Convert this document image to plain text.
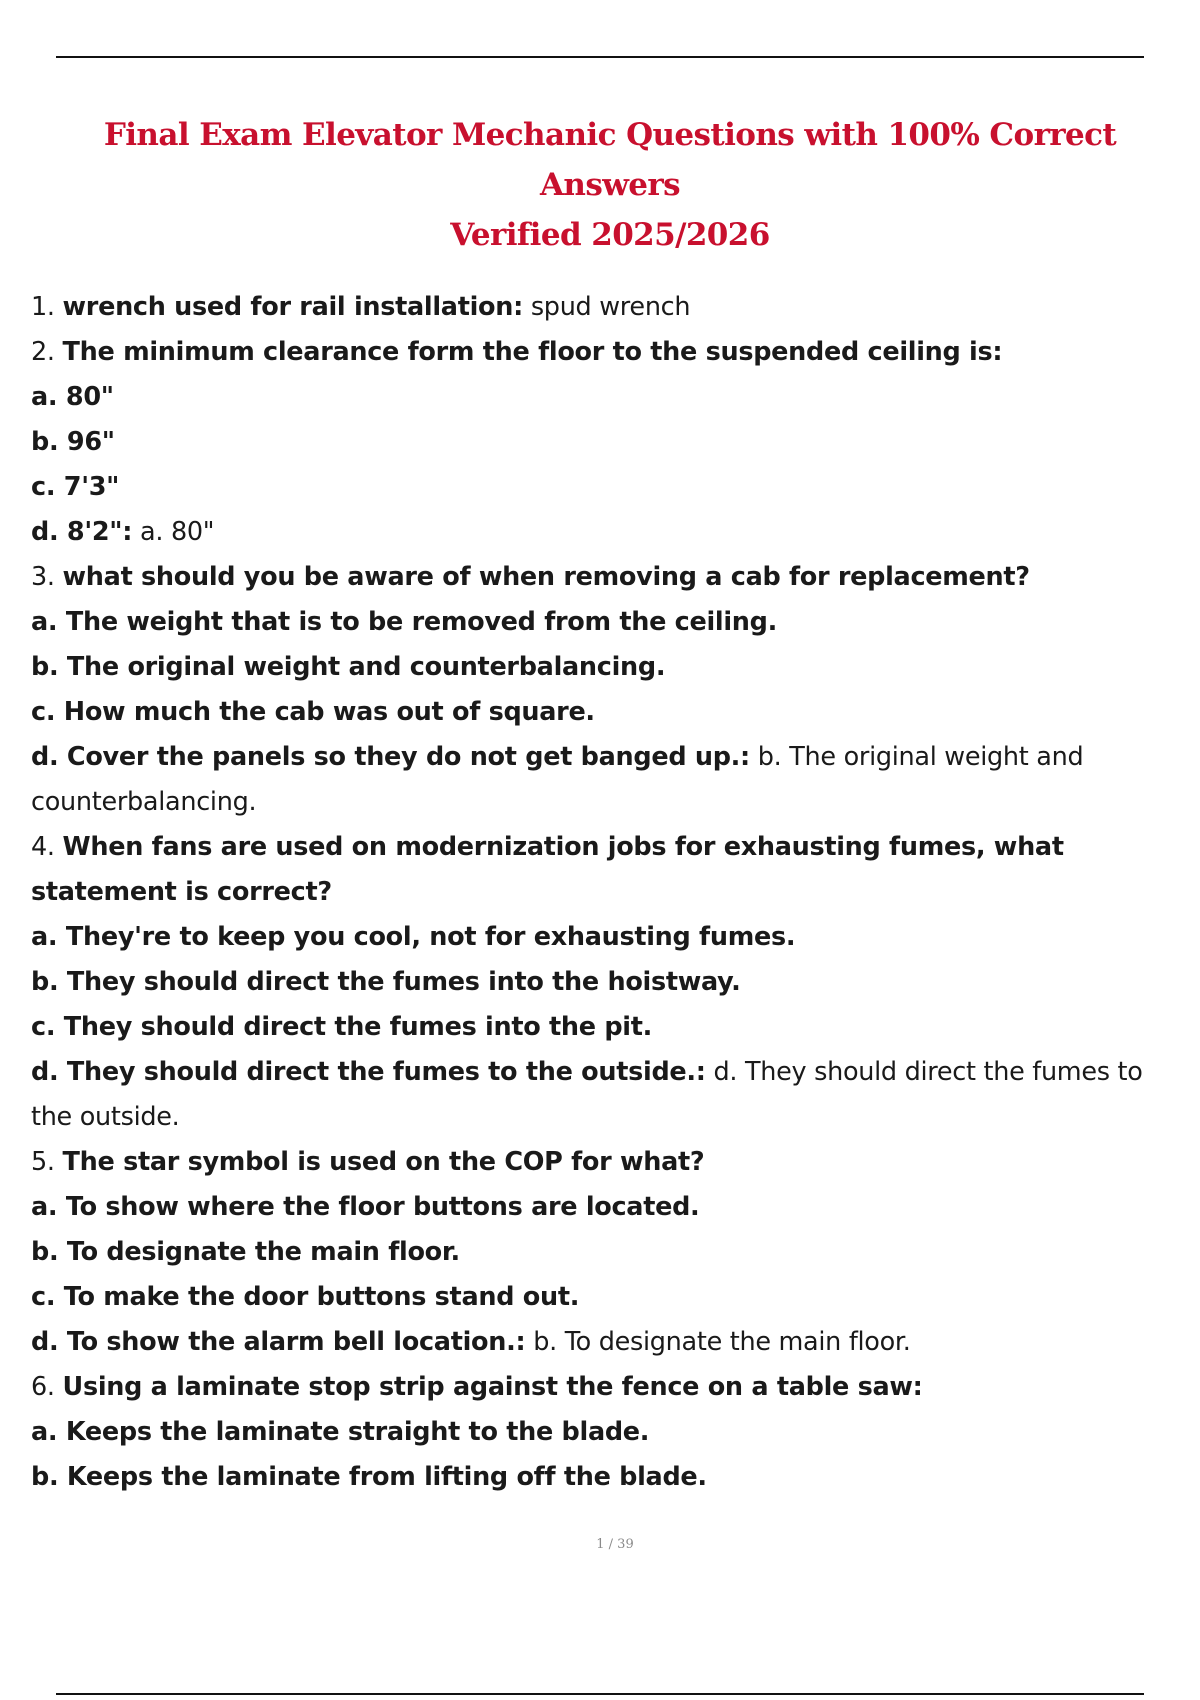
Final Exam Elevator Mechanic Questions with 100% Correct Answers
Verified 2025/2026
1. wrench used for rail installation: spud wrench
2. The minimum clearance form the floor to the suspended ceiling is:
a. 80"
b. 96"
c. 7'3"
d. 8'2": a. 80"
3. what should you be aware of when removing a cab for replacement?
a. The weight that is to be removed from the ceiling.
b. The original weight and counterbalancing.
c. How much the cab was out of square.
d. Cover the panels so they do not get banged up.: b. The original weight and counterbalancing.
4. When fans are used on modernization jobs for exhausting fumes, what statement is correct?
a. They're to keep you cool, not for exhausting fumes.
b. They should direct the fumes into the hoistway.
c. They should direct the fumes into the pit.
d. They should direct the fumes to the outside.: d. They should direct the fumes to the outside.
5. The star symbol is used on the COP for what?
a. To show where the floor buttons are located.
b. To designate the main floor.
c. To make the door buttons stand out.
d. To show the alarm bell location.: b. To designate the main floor.
6. Using a laminate stop strip against the fence on a table saw:
a. Keeps the laminate straight to the blade.
b. Keeps the laminate from lifting off the blade.
1 / 39
